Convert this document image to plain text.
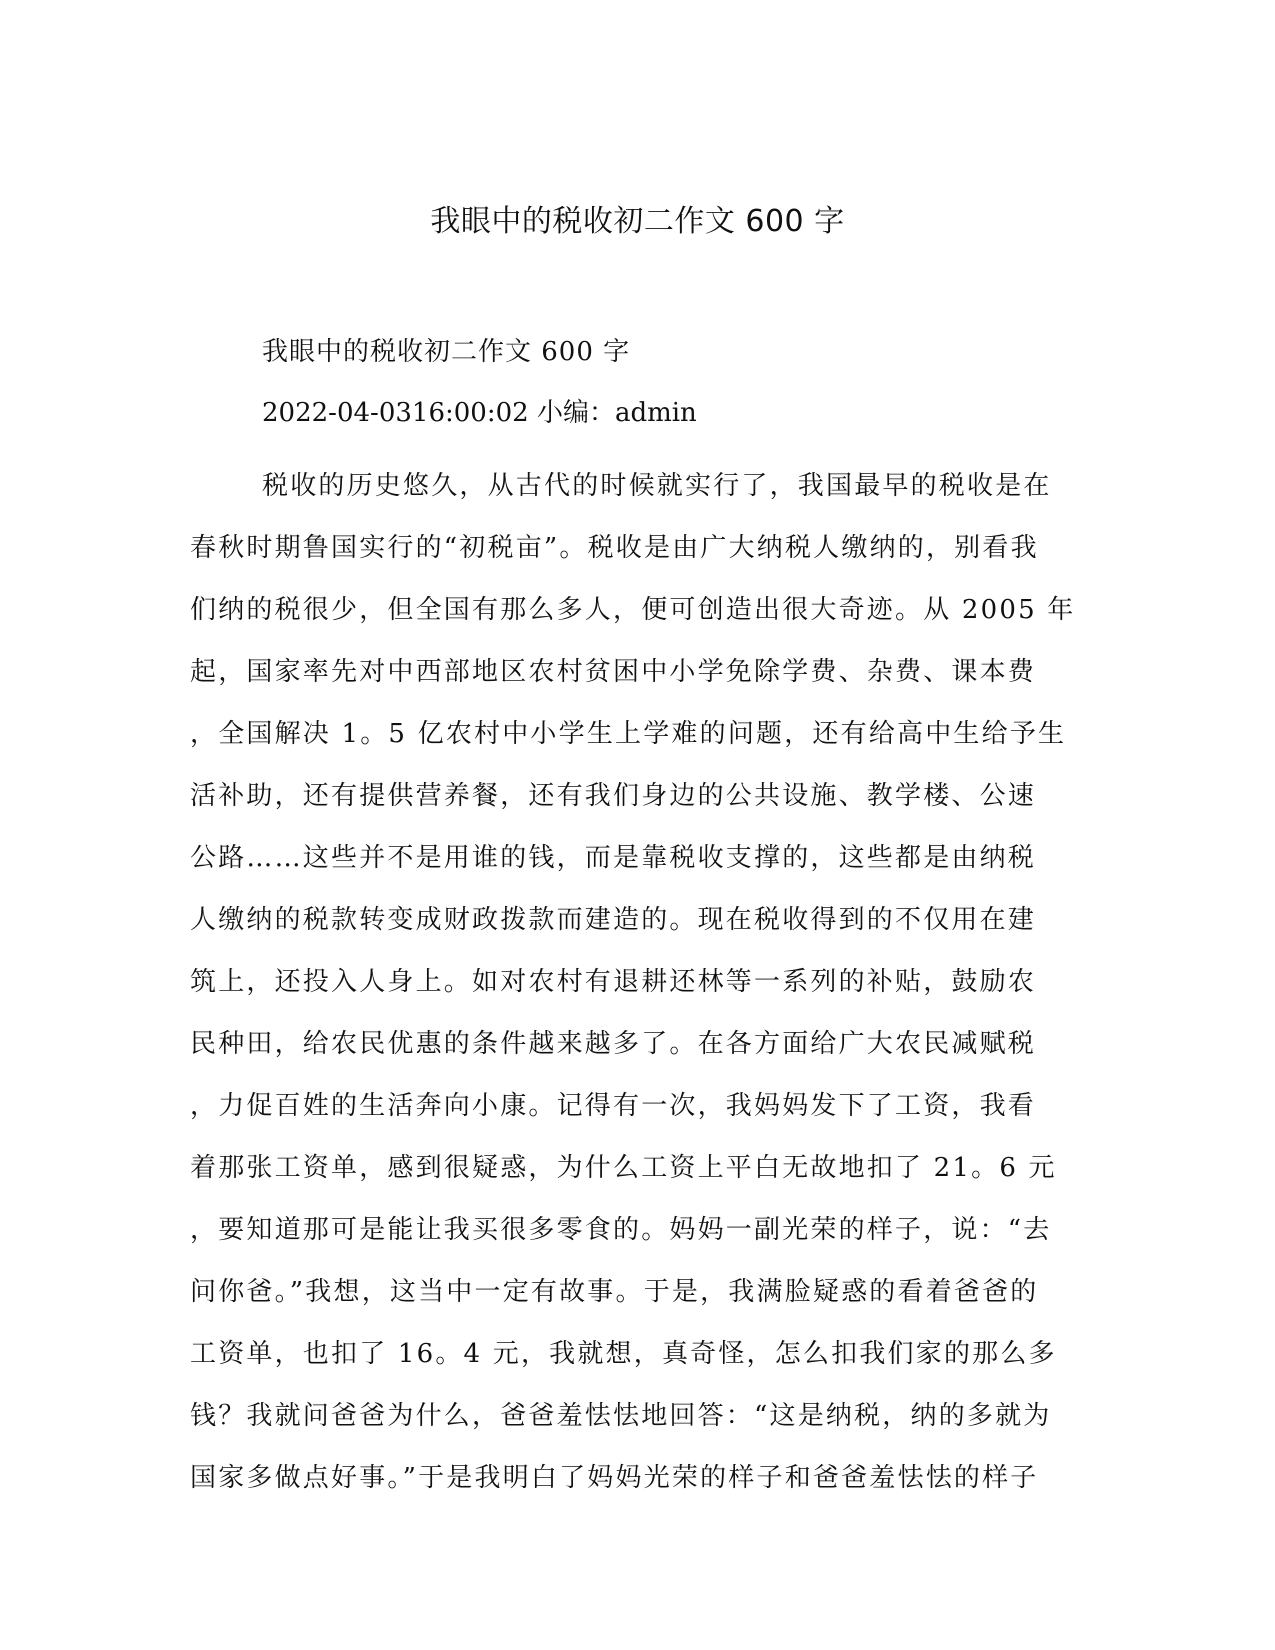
我眼中的税收初二作文 600 字
我眼中的税收初二作文 600 字
2022-04-0316:00:02 小编：admin
税收的历史悠久，从古代的时候就实行了，我国最早的税收是在
春秋时期鲁国实行的“初税亩”。税收是由广大纳税人缴纳的，别看我
们纳的税很少，但全国有那么多人，便可创造出很大奇迹。从 2005 年
起，国家率先对中西部地区农村贫困中小学免除学费、杂费、课本费
，全国解决 1。5 亿农村中小学生上学难的问题，还有给高中生给予生
活补助，还有提供营养餐，还有我们身边的公共设施、教学楼、公速
公路……这些并不是用谁的钱，而是靠税收支撑的，这些都是由纳税
人缴纳的税款转变成财政拨款而建造的。现在税收得到的不仅用在建
筑上，还投入人身上。如对农村有退耕还林等一系列的补贴，鼓励农
民种田，给农民优惠的条件越来越多了。在各方面给广大农民减赋税
，力促百姓的生活奔向小康。记得有一次，我妈妈发下了工资，我看
着那张工资单，感到很疑惑，为什么工资上平白无故地扣了 21。6 元
，要知道那可是能让我买很多零食的。妈妈一副光荣的样子，说：“去
问你爸。”我想，这当中一定有故事。于是，我满脸疑惑的看着爸爸的
工资单，也扣了 16。4 元，我就想，真奇怪，怎么扣我们家的那么多
钱？我就问爸爸为什么，爸爸羞怯怯地回答：“这是纳税，纳的多就为
国家多做点好事。”于是我明白了妈妈光荣的样子和爸爸羞怯怯的样子
